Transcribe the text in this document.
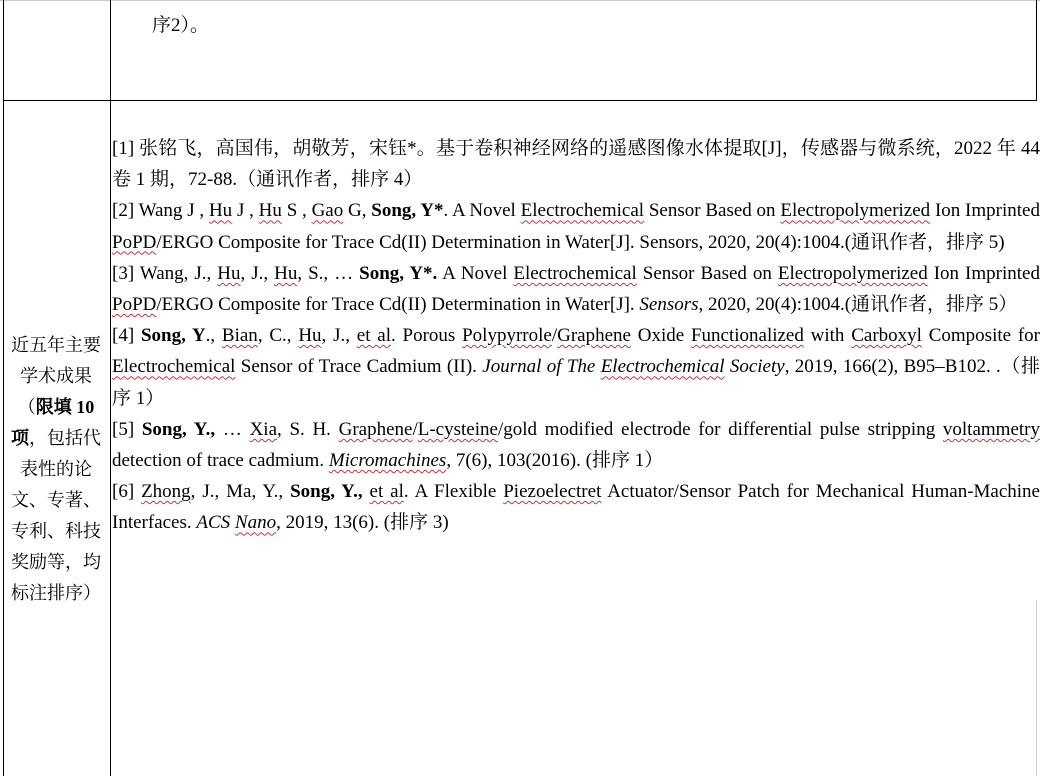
序2）。
近五年主要
学术成果
（限填 10
项，包括代
表性的论
文、专著、
专利、科技
奖励等，均
标注排序）

[1] 张铭飞，高国伟，胡敬芳，宋钰*。基于卷积神经网络的遥感图像水体提取[J]，传感器与微系统，2022 年 44 卷 1 期，72-88.（通讯作者，排序 4）

[2] Wang J , Hu J , Hu S , Gao G, Song, Y*. A Novel Electrochemical Sensor Based on Electropolymerized Ion Imprinted PoPD/ERGO Composite for Trace Cd(II) Determination in Water[J]. Sensors, 2020, 20(4):1004.(通讯作者，排序 5)

[3] Wang, J., Hu, J., Hu, S., … Song, Y*. A Novel Electrochemical Sensor Based on Electropolymerized Ion Imprinted PoPD/ERGO Composite for Trace Cd(II) Determination in Water[J]. Sensors, 2020, 20(4):1004.(通讯作者，排序 5）

[4] Song, Y., Bian, C., Hu, J., et al. Porous Polypyrrole/Graphene Oxide Functionalized with Carboxyl Composite for Electrochemical Sensor of Trace Cadmium (II). Journal of The Electrochemical Society, 2019, 166(2), B95–B102. .（排序 1）

[5] Song, Y., … Xia, S. H. Graphene/L-cysteine/gold modified electrode for differential pulse stripping voltammetry detection of trace cadmium. Micromachines, 7(6), 103(2016). (排序 1）

[6] Zhong, J., Ma, Y., Song, Y., et al. A Flexible Piezoelectret Actuator/Sensor Patch for Mechanical Human-Machine Interfaces. ACS Nano, 2019, 13(6). (排序 3)
